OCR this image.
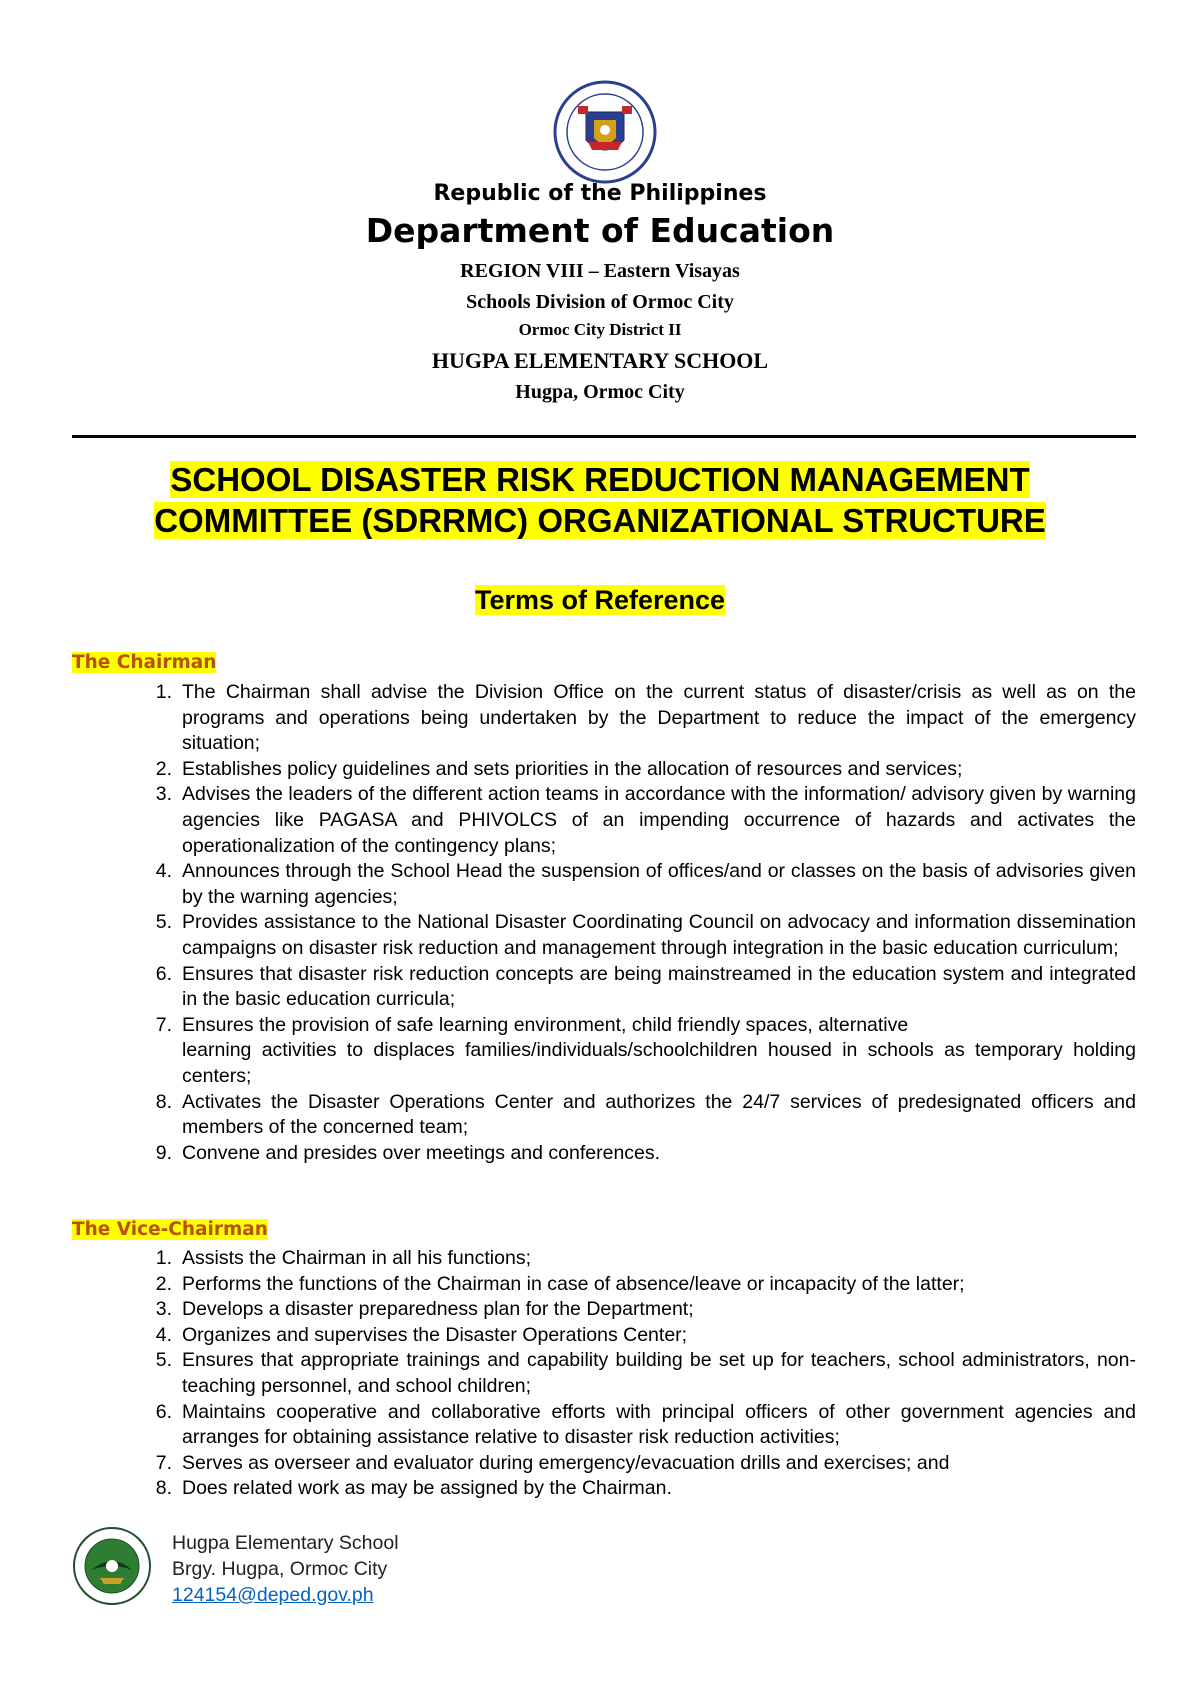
Republic of the Philippines
Department of Education
REGION VIII – Eastern Visayas
Schools Division of Ormoc City
Ormoc City District II
HUGPA ELEMENTARY SCHOOL
Hugpa, Ormoc City
SCHOOL DISASTER RISK REDUCTION MANAGEMENT
COMMITTEE (SDRRMC) ORGANIZATIONAL STRUCTURE
Terms of Reference
The Chairman
1 . The Chairman shall advise the Division Office on the current status of disaster/crisis as well as on the programs and operations being undertaken by the Department to reduce the impact of the emergency situation;
2 . Establishes policy guidelines and sets priorities in the allocation of resources and services;
3 . Advises the leaders of the different action teams in accordance with the information/ advisory given by warning agencies like PAGASA and PHIVOLCS of an impending occurrence of hazards and activates the operationalization of the contingency plans;
4 . Announces through the School Head the suspension of offices/and or classes on the basis of advisories given by the warning agencies;
5 . Provides assistance to the National Disaster Coordinating Council on advocacy and information dissemination campaigns on disaster risk reduction and management through integration in the basic education curriculum;
6 . Ensures that disaster risk reduction concepts are being mainstreamed in the education system and integrated in the basic education curricula;
7 . Ensures the provision of safe learning environment, child friendly spaces, alternative
learning activities to displaces families/individuals/schoolchildren housed in schools as temporary holding centers;
8 . Activates the Disaster Operations Center and authorizes the 24/7 services of predesignated officers and members of the concerned team;
9 . Convene and presides over meetings and conferences.
The Vice-Chairman
1 . Assists the Chairman in all his functions;
2 . Performs the functions of the Chairman in case of absence/leave or incapacity of the latter;
3 . Develops a disaster preparedness plan for the Department;
4 . Organizes and supervises the Disaster Operations Center;
5 . Ensures that appropriate trainings and capability building be set up for teachers, school administrators, non-teaching personnel, and school children;
6 . Maintains cooperative and collaborative efforts with principal officers of other government agencies and arranges for obtaining assistance relative to disaster risk reduction activities;
7 . Serves as overseer and evaluator during emergency/evacuation drills and exercises; and
8 . Does related work as may be assigned by the Chairman.
Hugpa Elementary School
Brgy. Hugpa, Ormoc City
124154@deped.gov.ph
